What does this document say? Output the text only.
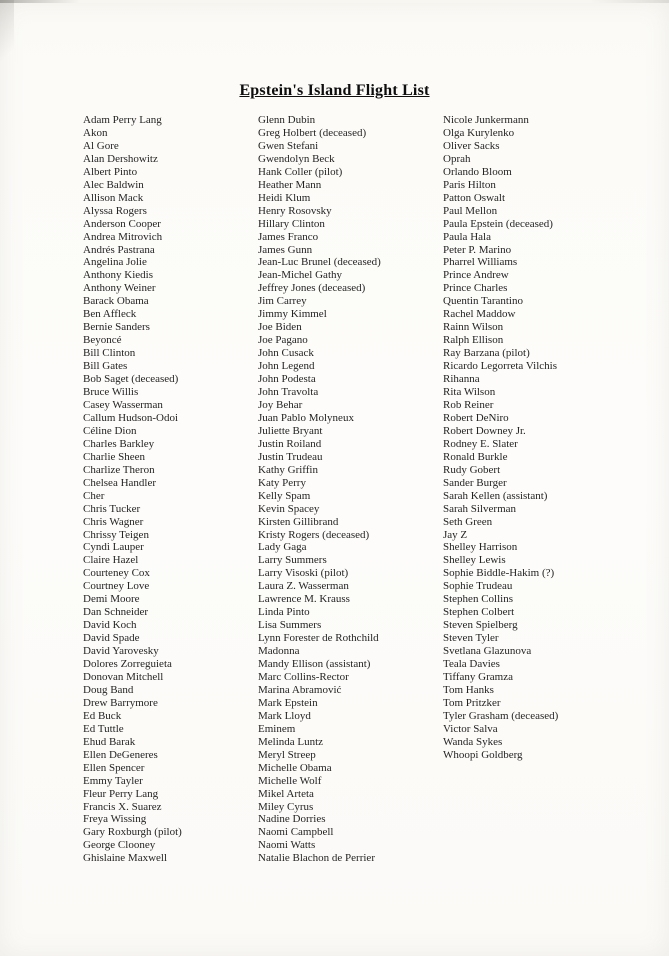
Epstein's Island Flight List
Adam Perry Lang
Akon
Al Gore
Alan Dershowitz
Albert Pinto
Alec Baldwin
Allison Mack
Alyssa Rogers
Anderson Cooper
Andrea Mitrovich
Andrés Pastrana
Angelina Jolie
Anthony Kiedis
Anthony Weiner
Barack Obama
Ben Affleck
Bernie Sanders
Beyoncé
Bill Clinton
Bill Gates
Bob Saget (deceased)
Bruce Willis
Casey Wasserman
Callum Hudson-Odoi
Céline Dion
Charles Barkley
Charlie Sheen
Charlize Theron
Chelsea Handler
Cher
Chris Tucker
Chris Wagner
Chrissy Teigen
Cyndi Lauper
Claire Hazel
Courteney Cox
Courtney Love
Demi Moore
Dan Schneider
David Koch
David Spade
David Yarovesky
Dolores Zorreguieta
Donovan Mitchell
Doug Band
Drew Barrymore
Ed Buck
Ed Tuttle
Ehud Barak
Ellen DeGeneres
Ellen Spencer
Emmy Tayler
Fleur Perry Lang
Francis X. Suarez
Freya Wissing
Gary Roxburgh (pilot)
George Clooney
Ghislaine Maxwell
Glenn Dubin
Greg Holbert (deceased)
Gwen Stefani
Gwendolyn Beck
Hank Coller (pilot)
Heather Mann
Heidi Klum
Henry Rosovsky
Hillary Clinton
James Franco
James Gunn
Jean-Luc Brunel (deceased)
Jean-Michel Gathy
Jeffrey Jones (deceased)
Jim Carrey
Jimmy Kimmel
Joe Biden
Joe Pagano
John Cusack
John Legend
John Podesta
John Travolta
Joy Behar
Juan Pablo Molyneux
Juliette Bryant
Justin Roiland
Justin Trudeau
Kathy Griffin
Katy Perry
Kelly Spam
Kevin Spacey
Kirsten Gillibrand
Kristy Rogers (deceased)
Lady Gaga
Larry Summers
Larry Visoski (pilot)
Laura Z. Wasserman
Lawrence M. Krauss
Linda Pinto
Lisa Summers
Lynn Forester de Rothchild
Madonna
Mandy Ellison (assistant)
Marc Collins-Rector
Marina Abramović
Mark Epstein
Mark Lloyd
Eminem
Melinda Luntz
Meryl Streep
Michelle Obama
Michelle Wolf
Mikel Arteta
Miley Cyrus
Nadine Dorries
Naomi Campbell
Naomi Watts
Natalie Blachon de Perrier
Nicole Junkermann
Olga Kurylenko
Oliver Sacks
Oprah
Orlando Bloom
Paris Hilton
Patton Oswalt
Paul Mellon
Paula Epstein (deceased)
Paula Hala
Peter P. Marino
Pharrel Williams
Prince Andrew
Prince Charles
Quentin Tarantino
Rachel Maddow
Rainn Wilson
Ralph Ellison
Ray Barzana (pilot)
Ricardo Legorreta Vilchis
Rihanna
Rita Wilson
Rob Reiner
Robert DeNiro
Robert Downey Jr.
Rodney E. Slater
Ronald Burkle
Rudy Gobert
Sander Burger
Sarah Kellen (assistant)
Sarah Silverman
Seth Green
Jay Z
Shelley Harrison
Shelley Lewis
Sophie Biddle-Hakim (?)
Sophie Trudeau
Stephen Collins
Stephen Colbert
Steven Spielberg
Steven Tyler
Svetlana Glazunova
Teala Davies
Tiffany Gramza
Tom Hanks
Tom Pritzker
Tyler Grasham (deceased)
Victor Salva
Wanda Sykes
Whoopi Goldberg
